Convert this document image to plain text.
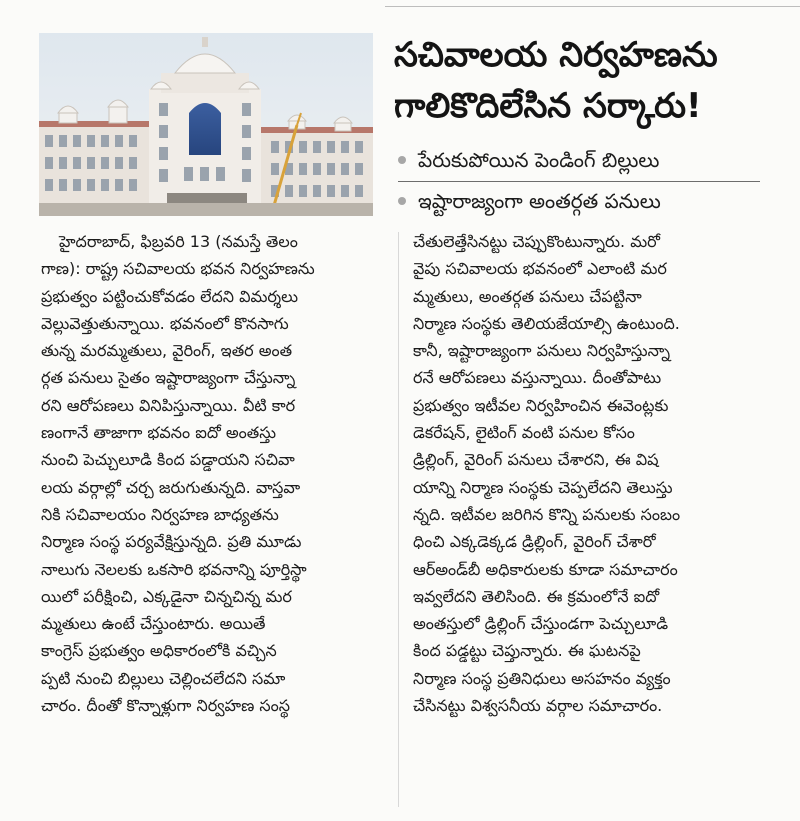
సచివాలయ నిర్వహణను
గాలికొదిలేసిన సర్కారు!
పేరుకుపోయిన పెండింగ్ బిల్లులు
ఇష్టారాజ్యంగా అంతర్గత పనులు
హైదరాబాద్, ఫిబ్రవరి 13 (నమస్తే తెలం
గాణ): రాష్ట్ర సచివాలయ భవన నిర్వహణను
ప్రభుత్వం పట్టించుకోవడం లేదని విమర్శలు
వెల్లువెత్తుతున్నాయి. భవనంలో కొనసాగు
తున్న మరమ్మతులు, వైరింగ్, ఇతర అంత
ర్గత పనులు సైతం ఇష్టారాజ్యంగా చేస్తున్నా
రని ఆరోపణలు వినిపిస్తున్నాయి. వీటి కార
ణంగానే తాజాగా భవనం ఐదో అంతస్తు
నుంచి పెచ్చులూడి కింద పడ్డాయని సచివా
లయ వర్గాల్లో చర్చ జరుగుతున్నది. వాస్తవా
నికి సచివాలయం నిర్వహణ బాధ్యతను
నిర్మాణ సంస్థ పర్యవేక్షిస్తున్నది. ప్రతి మూడు
నాలుగు నెలలకు ఒకసారి భవనాన్ని పూర్తిస్థా
యిలో పరీక్షించి, ఎక్కడైనా చిన్నచిన్న మర
మ్మతులు ఉంటే చేస్తుంటారు. అయితే
కాంగ్రెస్ ప్రభుత్వం అధికారంలోకి వచ్చిన
ప్పటి నుంచి బిల్లులు చెల్లించలేదని సమా
చారం. దీంతో కొన్నాళ్లుగా నిర్వహణ సంస్థ
చేతులెత్తేసినట్టు చెప్పుకొంటున్నారు. మరో
వైపు సచివాలయ భవనంలో ఎలాంటి మర
మ్మతులు, అంతర్గత పనులు చేపట్టినా
నిర్మాణ సంస్థకు తెలియజేయాల్సి ఉంటుంది.
కానీ, ఇష్టారాజ్యంగా పనులు నిర్వహిస్తున్నా
రనే ఆరోపణలు వస్తున్నాయి. దీంతోపాటు
ప్రభుత్వం ఇటీవల నిర్వహించిన ఈవెంట్లకు
డెకరేషన్, లైటింగ్ వంటి పనుల కోసం
డ్రిల్లింగ్, వైరింగ్ పనులు చేశారని, ఈ విష
యాన్ని నిర్మాణ సంస్థకు చెప్పలేదని తెలుస్తు
న్నది. ఇటీవల జరిగిన కొన్ని పనులకు సంబం
ధించి ఎక్కడెక్కడ డ్రిల్లింగ్, వైరింగ్ చేశారో
ఆర్‌అండ్‌బీ అధికారులకు కూడా సమాచారం
ఇవ్వలేదని తెలిసింది. ఈ క్రమంలోనే ఐదో
అంతస్తులో డ్రిల్లింగ్ చేస్తుండగా పెచ్చులూడి
కింద పడ్డట్టు చెప్తున్నారు. ఈ ఘటనపై
నిర్మాణ సంస్థ ప్రతినిధులు అసహనం వ్యక్తం
చేసినట్టు విశ్వసనీయ వర్గాల సమాచారం.
